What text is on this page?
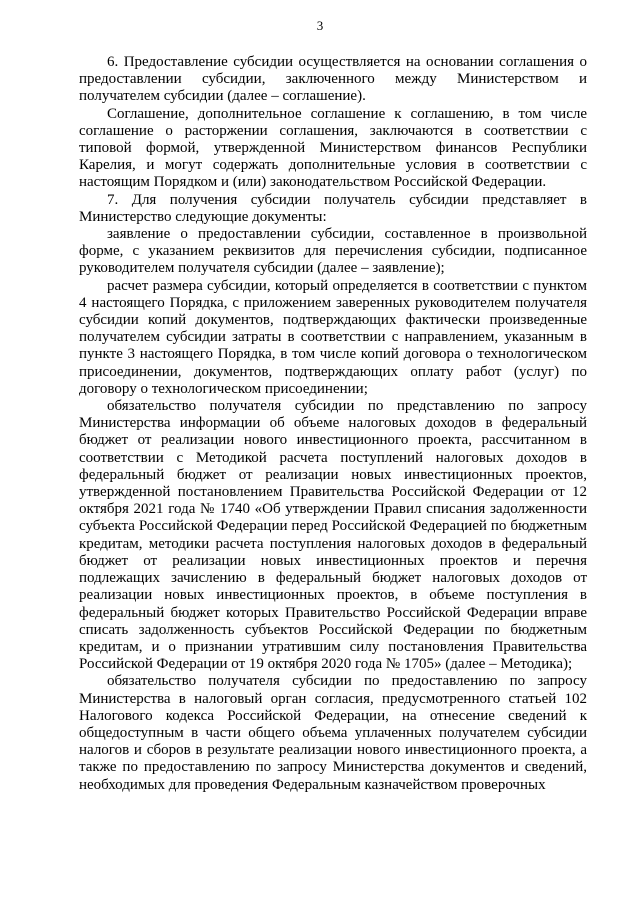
3

6. Предоставление субсидии осуществляется на основании соглашения о предоставлении субсидии, заключенного между Министерством и получателем субсидии (далее – соглашение).

Соглашение, дополнительное соглашение к соглашению, в том числе соглашение о расторжении соглашения, заключаются в соответствии с типовой формой, утвержденной Министерством финансов Республики Карелия, и могут содержать дополнительные условия в соответствии с настоящим Порядком и (или) законодательством Российской Федерации.

7. Для получения субсидии получатель субсидии представляет в Министерство следующие документы:

заявление о предоставлении субсидии, составленное в произвольной форме, с указанием реквизитов для перечисления субсидии, подписанное руководителем получателя субсидии (далее – заявление);

расчет размера субсидии, который определяется в соответствии с пунктом 4 настоящего Порядка, с приложением заверенных руководителем получателя субсидии копий документов, подтверждающих фактически произведенные получателем субсидии затраты в соответствии с направлением, указанным в пункте 3 настоящего Порядка, в том числе копий договора о технологическом присоединении, документов, подтверждающих оплату работ (услуг) по договору о технологическом присоединении;

обязательство получателя субсидии по представлению по запросу Министерства информации об объеме налоговых доходов в федеральный бюджет от реализации нового инвестиционного проекта, рассчитанном в соответствии с Методикой расчета поступлений налоговых доходов в федеральный бюджет от реализации новых инвестиционных проектов, утвержденной постановлением Правительства Российской Федерации от 12 октября 2021 года № 1740 «Об утверждении Правил списания задолженности субъекта Российской Федерации перед Российской Федерацией по бюджетным кредитам, методики расчета поступления налоговых доходов в федеральный бюджет от реализации новых инвестиционных проектов и перечня подлежащих зачислению в федеральный бюджет налоговых доходов от реализации новых инвестиционных проектов, в объеме поступления в федеральный бюджет которых Правительство Российской Федерации вправе списать задолженность субъектов Российской Федерации по бюджетным кредитам, и о признании утратившим силу постановления Правительства Российской Федерации от 19 октября 2020 года № 1705» (далее – Методика);

обязательство получателя субсидии по предоставлению по запросу Министерства в налоговый орган согласия, предусмотренного статьей 102 Налогового кодекса Российской Федерации, на отнесение сведений к общедоступным в части общего объема уплаченных получателем субсидии налогов и сборов в результате реализации нового инвестиционного проекта, а также по предоставлению по запросу Министерства документов и сведений, необходимых для проведения Федеральным казначейством проверочных
